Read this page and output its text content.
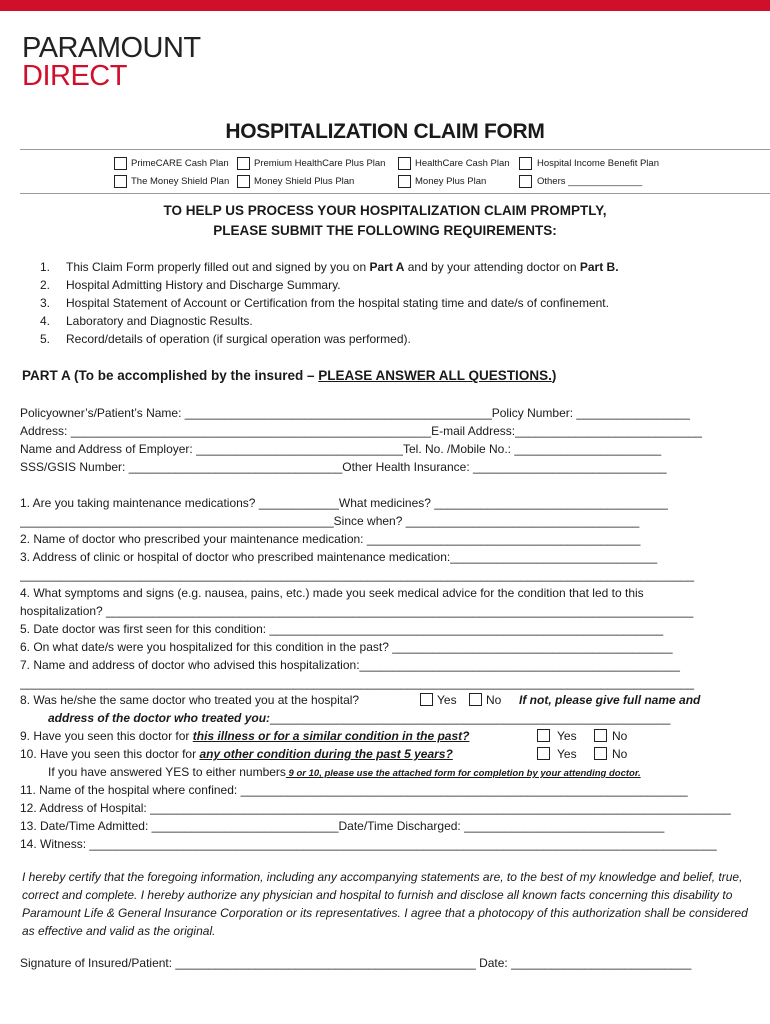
PARAMOUNT
DIRECT
HOSPITALIZATION CLAIM FORM
PrimeCARE Cash Plan	Premium HealthCare Plus Plan	HealthCare Cash Plan	Hospital Income Benefit Plan
The Money Shield Plan	Money Shield Plus Plan	Money Plus Plan	Others ______________
TO HELP US PROCESS YOUR HOSPITALIZATION CLAIM PROMPTLY,
PLEASE SUBMIT THE FOLLOWING REQUIREMENTS:
1. This Claim Form properly filled out and signed by you on Part A and by your attending doctor on Part B.
2. Hospital Admitting History and Discharge Summary.
3. Hospital Statement of Account or Certification from the hospital stating time and date/s of confinement.
4. Laboratory and Diagnostic Results.
5. Record/details of operation (if surgical operation was performed).
PART A (To be accomplished by the insured – PLEASE ANSWER ALL QUESTIONS.)
Policyowner’s/Patient’s Name: ______________________________________________Policy Number: _________________
Address: ______________________________________________________E-mail Address:____________________________
Name and Address of Employer: _______________________________Tel. No. /Mobile No.: ______________________
SSS/GSIS Number: ________________________________Other Health Insurance: _____________________________
1. Are you taking maintenance medications? ____________What medicines? ___________________________________
_______________________________________________Since when? ___________________________________
2. Name of doctor who prescribed your maintenance medication: _________________________________________
3. Address of clinic or hospital of doctor who prescribed maintenance medication:_______________________________
_____________________________________________________________________________________________________
4. What symptoms and signs (e.g. nausea, pains, etc.) made you seek medical advice for the condition that led to this
hospitalization? ________________________________________________________________________________________
5. Date doctor was first seen for this condition: ___________________________________________________________
6. On what date/s were you hospitalized for this condition in the past? __________________________________________
7. Name and address of doctor who advised this hospitalization:________________________________________________
_____________________________________________________________________________________________________
8. Was he/she the same doctor who treated you at the hospital?	Yes	No	If not, please give full name and
address of the doctor who treated you:____________________________________________________________
9. Have you seen this doctor for this illness or for a similar condition in the past?	Yes	No
10. Have you seen this doctor for any other condition during the past 5 years?	Yes	No
If you have answered YES to either numbers 9 or 10, please use the attached form for completion by your attending doctor.
11. Name of the hospital where confined: ___________________________________________________________________
12. Address of Hospital: _______________________________________________________________________________________
13. Date/Time Admitted: ____________________________Date/Time Discharged: ______________________________
14. Witness: ______________________________________________________________________________________________
I hereby certify that the foregoing information, including any accompanying statements are, to the best of my knowledge and belief, true, correct and complete. I hereby authorize any physician and hospital to furnish and disclose all known facts concerning this disability to Paramount Life & General Insurance Corporation or its representatives. I agree that a photocopy of this authorization shall be considered as effective and valid as the original.
Signature of Insured/Patient: _____________________________________________ Date: ___________________________
